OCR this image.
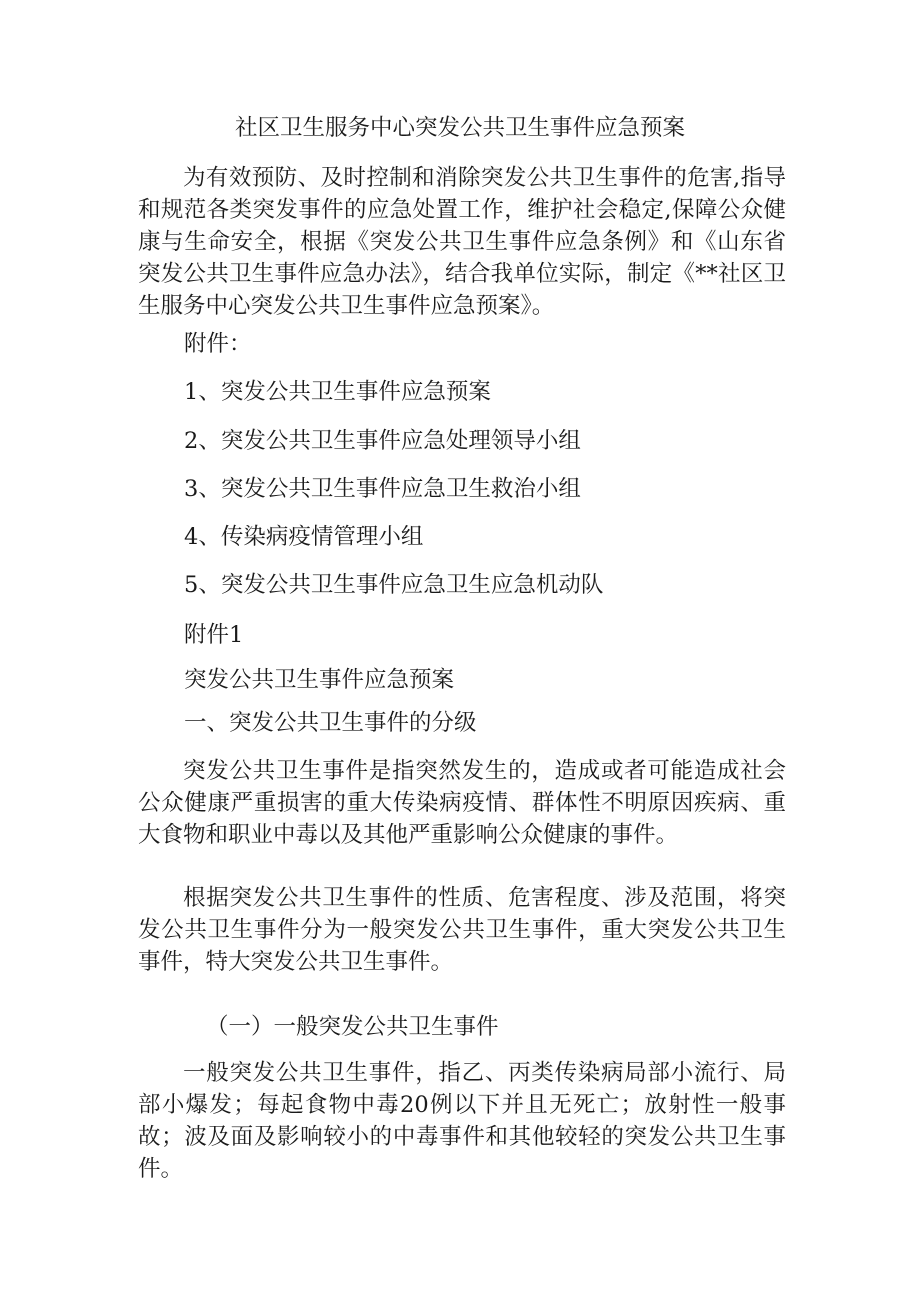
社区卫生服务中心突发公共卫生事件应急预案
为有效预防、及时控制和消除突发公共卫生事件的危害,指导和规范各类突发事件的应急处置工作，维护社会稳定,保障公众健康与生命安全，根据《突发公共卫生事件应急条例》和《山东省突发公共卫生事件应急办法》，结合我单位实际，制定《**社区卫生服务中心突发公共卫生事件应急预案》。
附件：
1、突发公共卫生事件应急预案
2、突发公共卫生事件应急处理领导小组
3、突发公共卫生事件应急卫生救治小组
4、传染病疫情管理小组
5、突发公共卫生事件应急卫生应急机动队
附件1
突发公共卫生事件应急预案
一、突发公共卫生事件的分级
突发公共卫生事件是指突然发生的，造成或者可能造成社会公众健康严重损害的重大传染病疫情、群体性不明原因疾病、重大食物和职业中毒以及其他严重影响公众健康的事件。
根据突发公共卫生事件的性质、危害程度、涉及范围，将突发公共卫生事件分为一般突发公共卫生事件，重大突发公共卫生事件，特大突发公共卫生事件。
（一）一般突发公共卫生事件
一般突发公共卫生事件，指乙、丙类传染病局部小流行、局部小爆发；每起食物中毒20例以下并且无死亡；放射性一般事故；波及面及影响较小的中毒事件和其他较轻的突发公共卫生事件。
